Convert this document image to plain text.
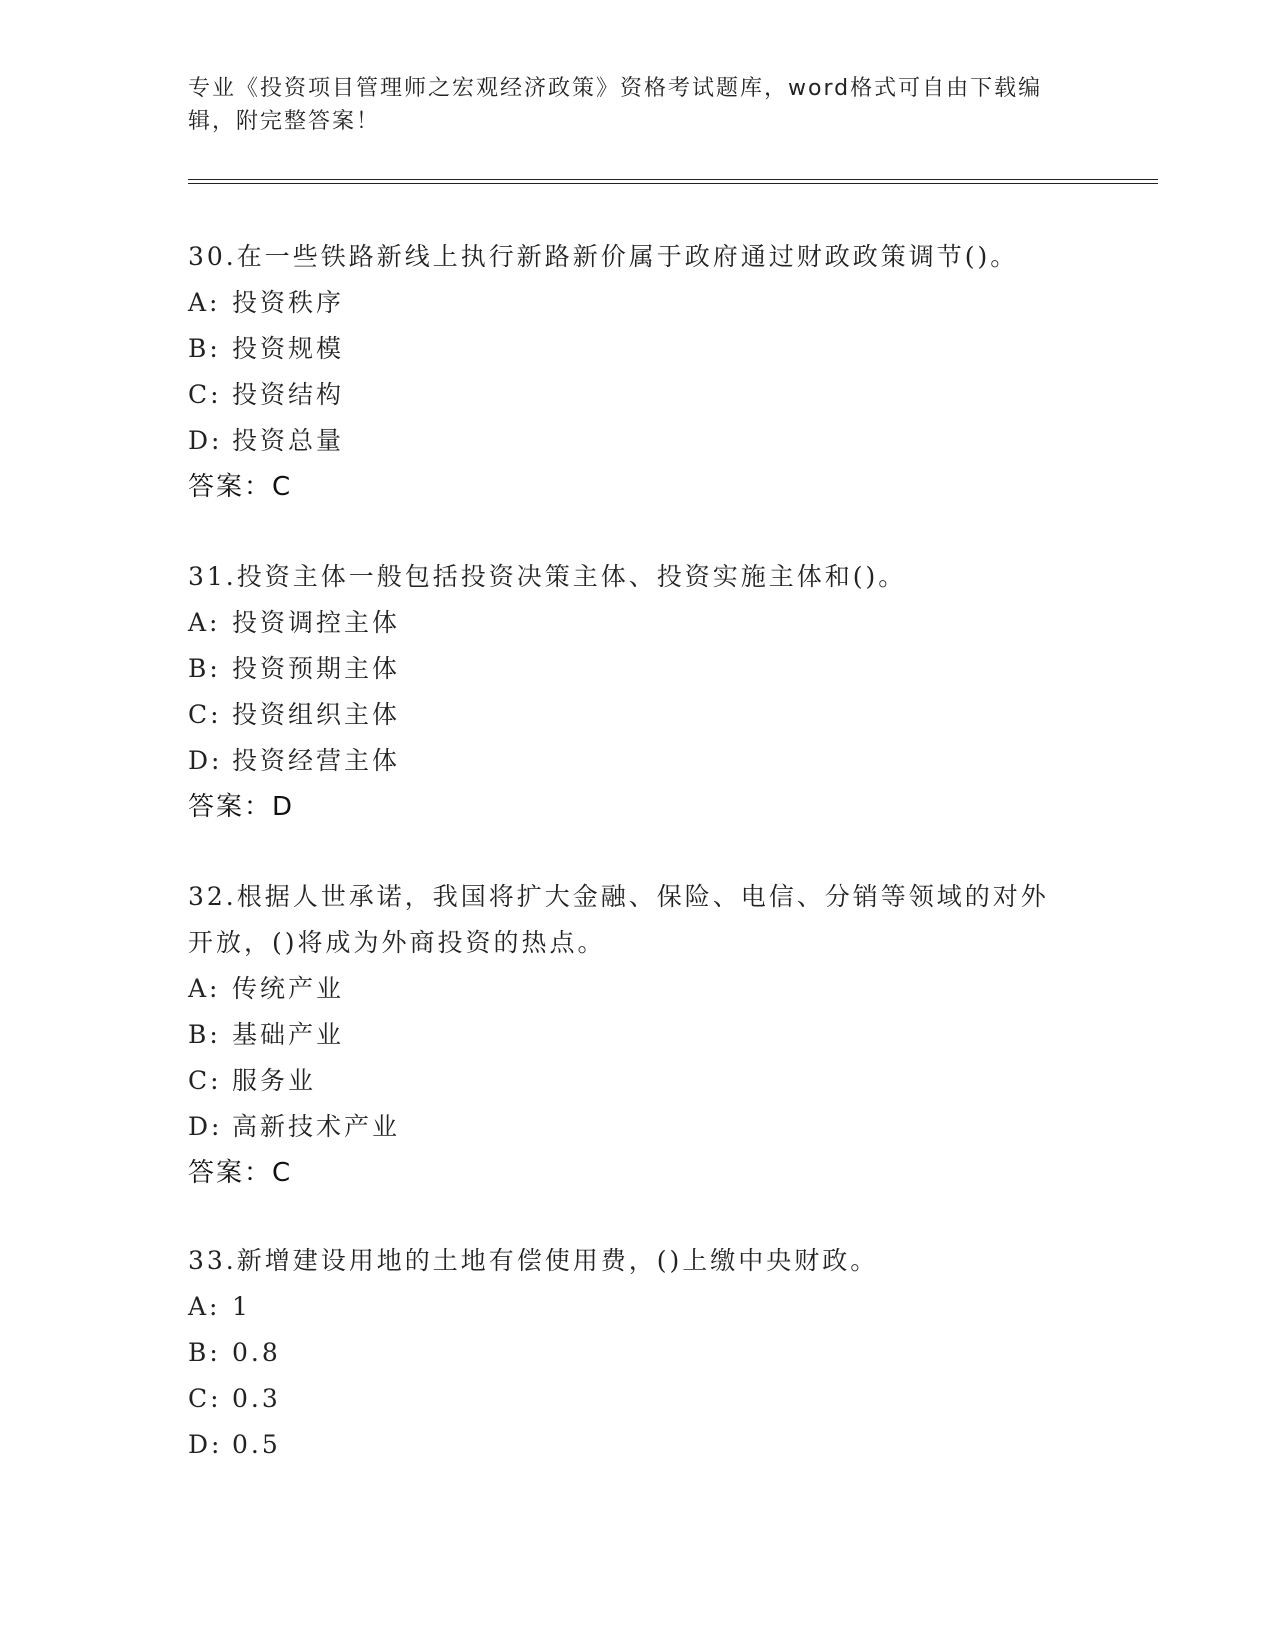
专业《投资项目管理师之宏观经济政策》资格考试题库，word格式可自由下载编
辑，附完整答案！

30.在一些铁路新线上执行新路新价属于政府通过财政政策调节()。

A: 投资秩序

B: 投资规模

C: 投资结构

D: 投资总量

答案：C

31.投资主体一般包括投资决策主体、投资实施主体和()。

A: 投资调控主体

B: 投资预期主体

C: 投资组织主体

D: 投资经营主体

答案：D

32.根据人世承诺，我国将扩大金融、保险、电信、分销等领域的对外

开放，()将成为外商投资的热点。

A: 传统产业

B: 基础产业

C: 服务业

D: 高新技术产业

答案：C

33.新增建设用地的土地有偿使用费，()上缴中央财政。

A: 1

B: 0.8

C: 0.3

D: 0.5
